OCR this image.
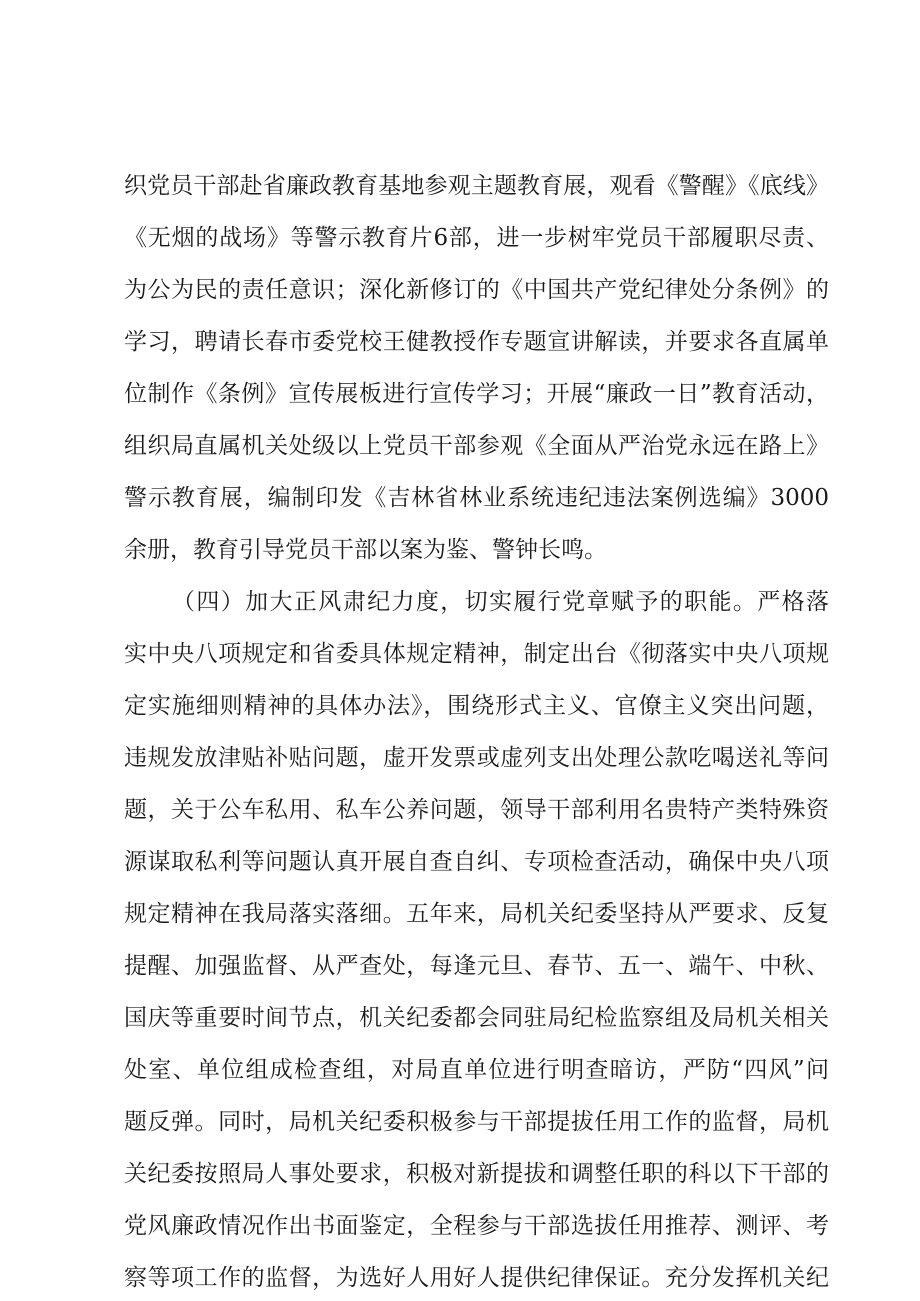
织党员干部赴省廉政教育基地参观主题教育展，观看《警醒》《底线》
《无烟的战场》等警示教育片6部，进一步树牢党员干部履职尽责、
为公为民的责任意识；深化新修订的《中国共产党纪律处分条例》的
学习，聘请长春市委党校王健教授作专题宣讲解读，并要求各直属单
位制作《条例》宣传展板进行宣传学习；开展“廉政一日”教育活动，
组织局直属机关处级以上党员干部参观《全面从严治党永远在路上》
警示教育展，编制印发《吉林省林业系统违纪违法案例选编》3000
余册，教育引导党员干部以案为鉴、警钟长鸣。
（四）加大正风肃纪力度，切实履行党章赋予的职能。严格落
实中央八项规定和省委具体规定精神，制定出台《彻落实中央八项规
定实施细则精神的具体办法》，围绕形式主义、官僚主义突出问题，
违规发放津贴补贴问题，虚开发票或虚列支出处理公款吃喝送礼等问
题，关于公车私用、私车公养问题，领导干部利用名贵特产类特殊资
源谋取私利等问题认真开展自查自纠、专项检查活动，确保中央八项
规定精神在我局落实落细。五年来，局机关纪委坚持从严要求、反复
提醒、加强监督、从严查处，每逢元旦、春节、五一、端午、中秋、
国庆等重要时间节点，机关纪委都会同驻局纪检监察组及局机关相关
处室、单位组成检查组，对局直单位进行明查暗访，严防“四风”问
题反弹。同时，局机关纪委积极参与干部提拔任用工作的监督，局机
关纪委按照局人事处要求，积极对新提拔和调整任职的科以下干部的
党风廉政情况作出书面鉴定，全程参与干部选拔任用推荐、测评、考
察等项工作的监督，为选好人用好人提供纪律保证。充分发挥机关纪
